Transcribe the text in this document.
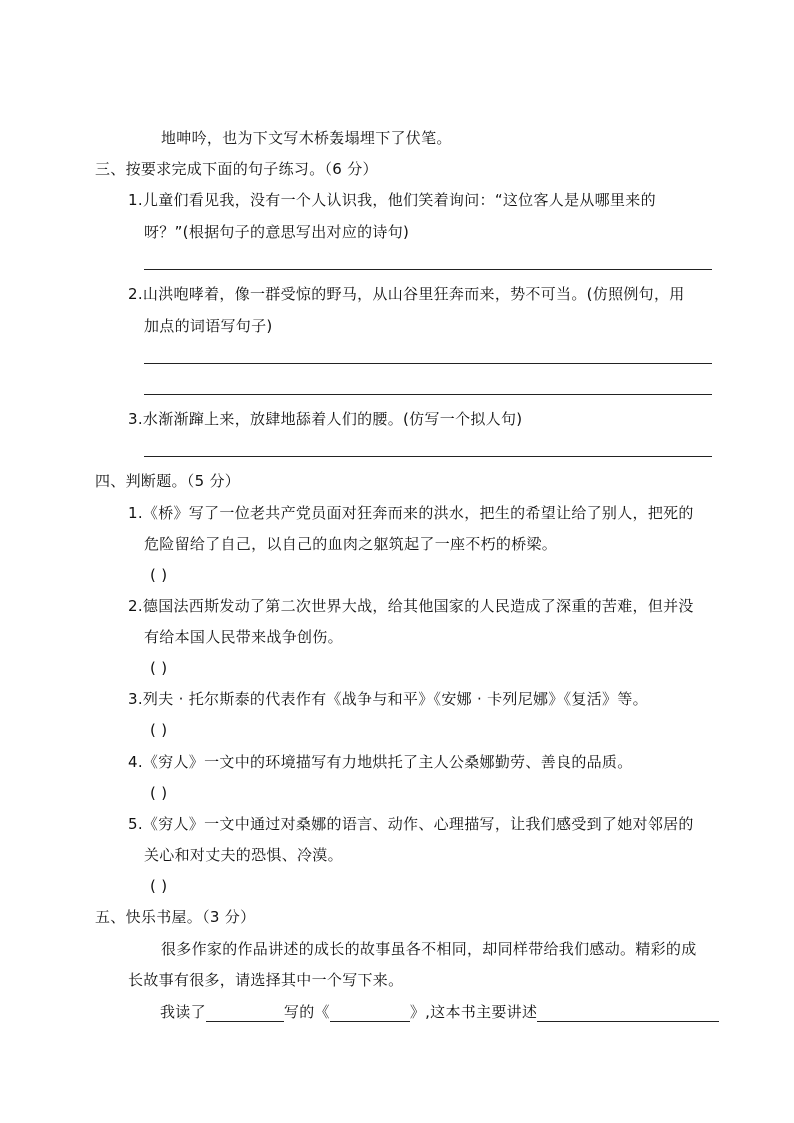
地呻吟，也为下文写木桥轰塌埋下了伏笔。
三、按要求完成下面的句子练习。（6 分）
1.儿童们看见我，没有一个人认识我，他们笑着询问：“这位客人是从哪里来的
呀？”(根据句子的意思写出对应的诗句)
2.山洪咆哮着，像一群受惊的野马，从山谷里狂奔而来，势不可当。(仿照例句，用
加点的词语写句子)
3.水渐渐蹿上来，放肆地舔着人们的腰。(仿写一个拟人句)
四、判断题。（5 分）
1.《桥》写了一位老共产党员面对狂奔而来的洪水，把生的希望让给了别人，把死的
危险留给了自己，以自己的血肉之躯筑起了一座不朽的桥梁。
( )
2.德国法西斯发动了第二次世界大战，给其他国家的人民造成了深重的苦难，但并没
有给本国人民带来战争创伤。
( )
3.列夫 · 托尔斯泰的代表作有《战争与和平》《安娜 · 卡列尼娜》《复活》等。
( )
4.《穷人》一文中的环境描写有力地烘托了主人公桑娜勤劳、善良的品质。
( )
5.《穷人》一文中通过对桑娜的语言、动作、心理描写，让我们感受到了她对邻居的
关心和对丈夫的恐惧、冷漠。
( )
五、快乐书屋。（3 分）
很多作家的作品讲述的成长的故事虽各不相同，却同样带给我们感动。精彩的成
长故事有很多，请选择其中一个写下来。
我读了	写的《	》,这本书主要讲述
